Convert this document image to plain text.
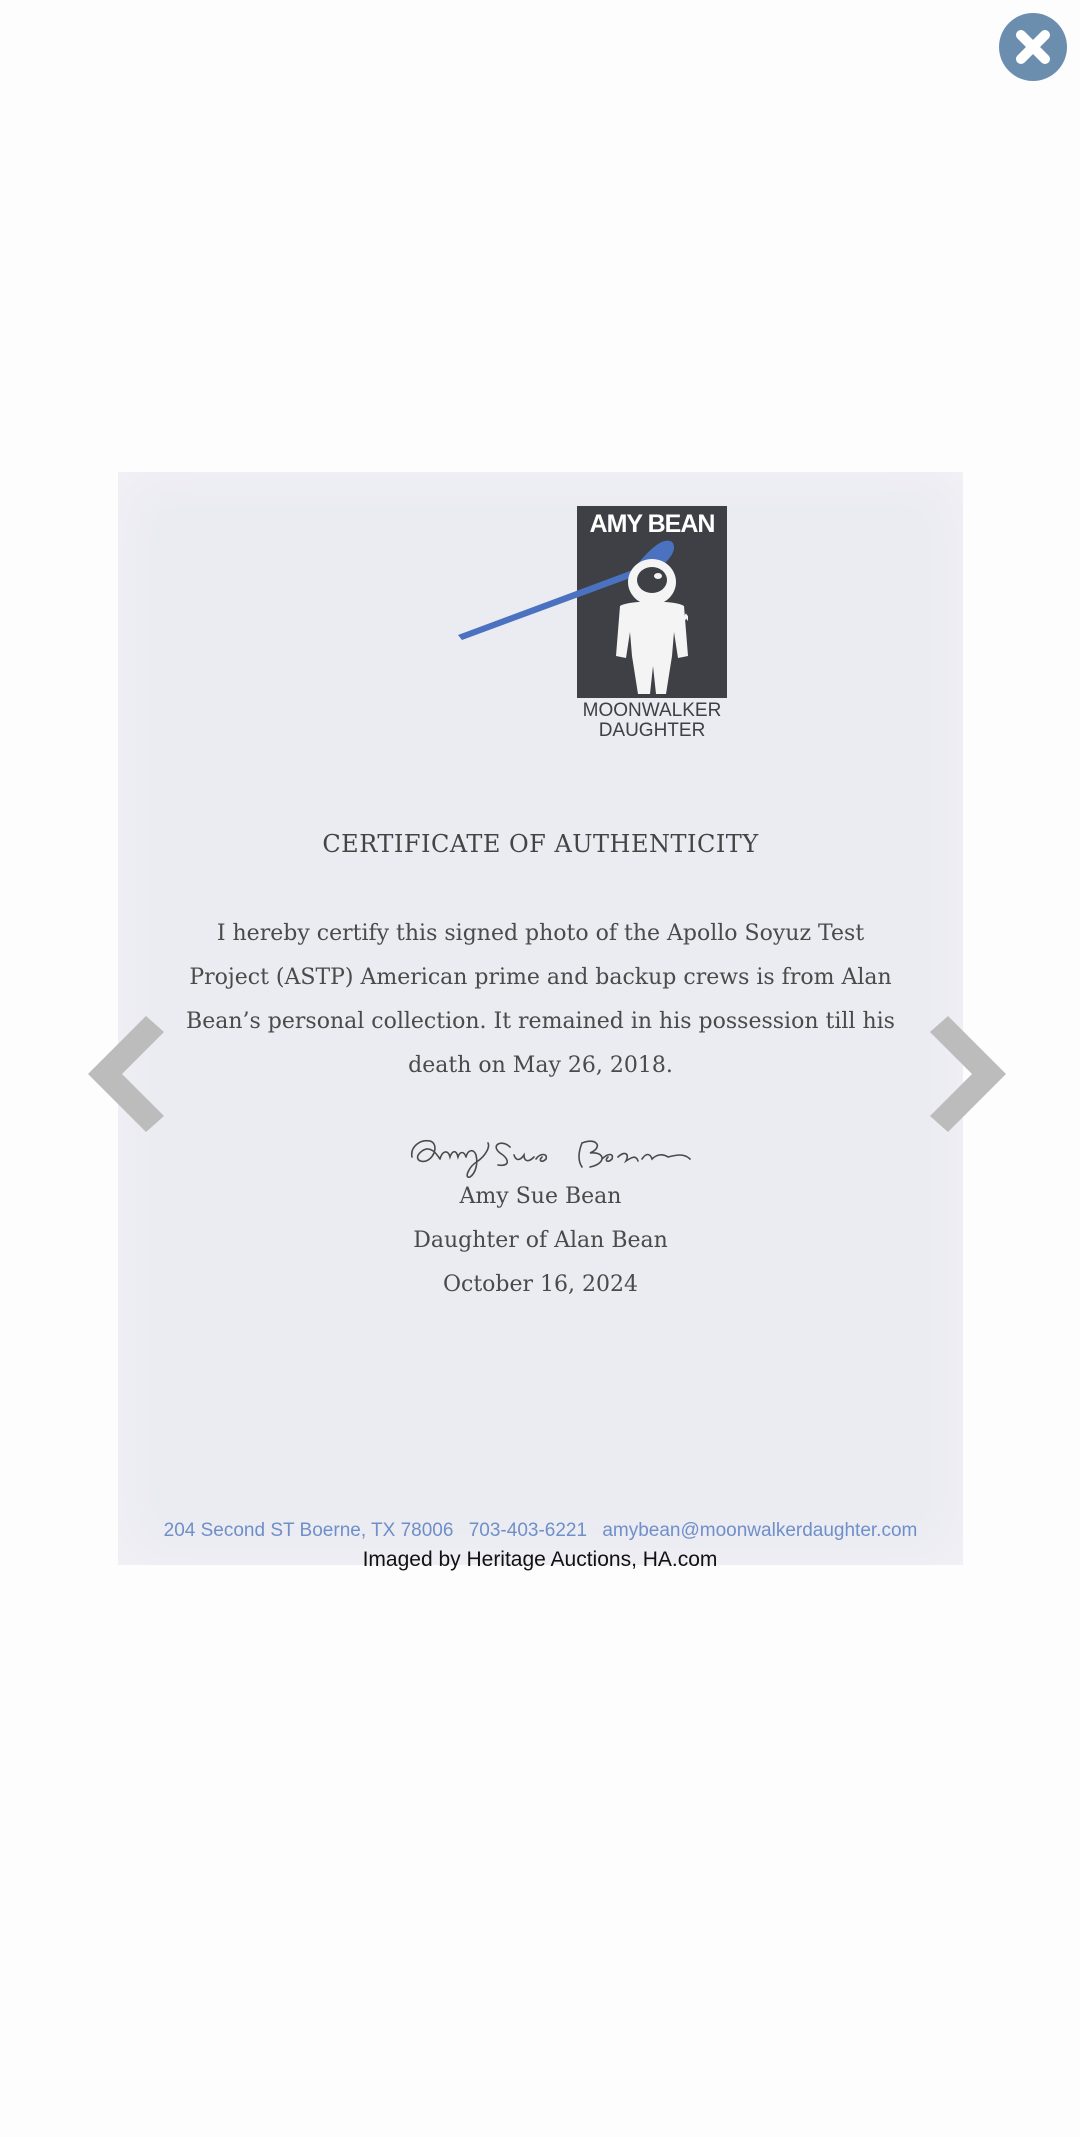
AMY BEAN
MOONWALKER
DAUGHTER
CERTIFICATE OF AUTHENTICITY
I hereby certify this signed photo of the Apollo Soyuz Test Project (ASTP) American prime and backup crews is from Alan Bean’s personal collection. It remained in his possession till his death on May 26, 2018.
Amy Sue Bean
Daughter of Alan Bean
October 16, 2024
204 Second ST Boerne, TX 78006 703-403-6221 amybean@moonwalkerdaughter.com
Imaged by Heritage Auctions, HA.com
